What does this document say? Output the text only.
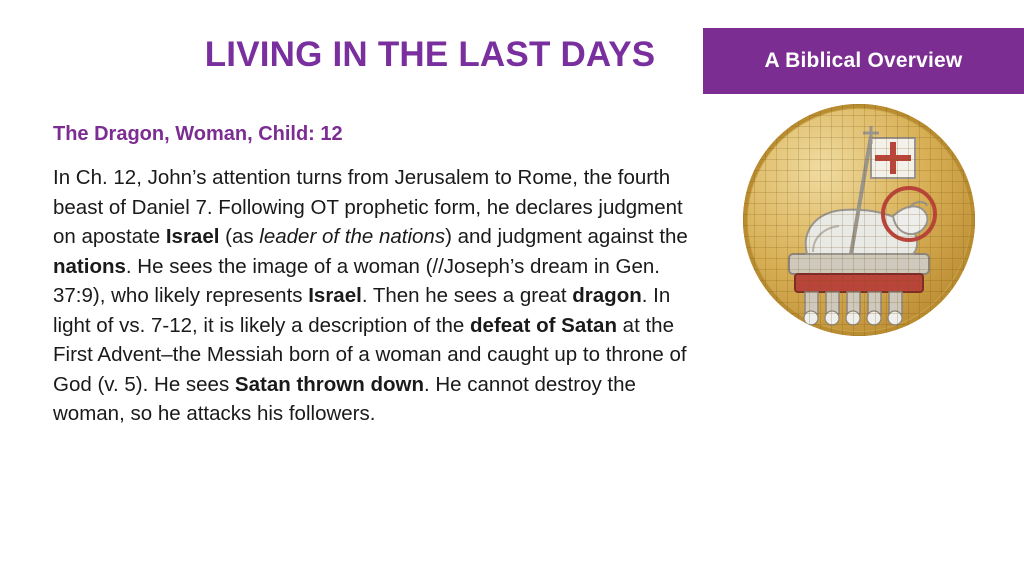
LIVING IN THE LAST DAYS	A Biblical Overview
The Dragon, Woman, Child: 12
In Ch. 12, John’s attention turns from Jerusalem to Rome, the fourth beast of Daniel 7. Following OT prophetic form, he declares judgment on apostate Israel (as leader of the nations) and judgment against the nations. He sees the image of a woman (//Joseph’s dream in Gen. 37:9), who likely represents Israel. Then he sees a great dragon. In light of vs. 7-12, it is likely a description of the defeat of Satan at the First Advent–the Messiah born of a woman and caught up to throne of God (v. 5). He sees Satan thrown down. He cannot destroy the woman, so he attacks his followers.
